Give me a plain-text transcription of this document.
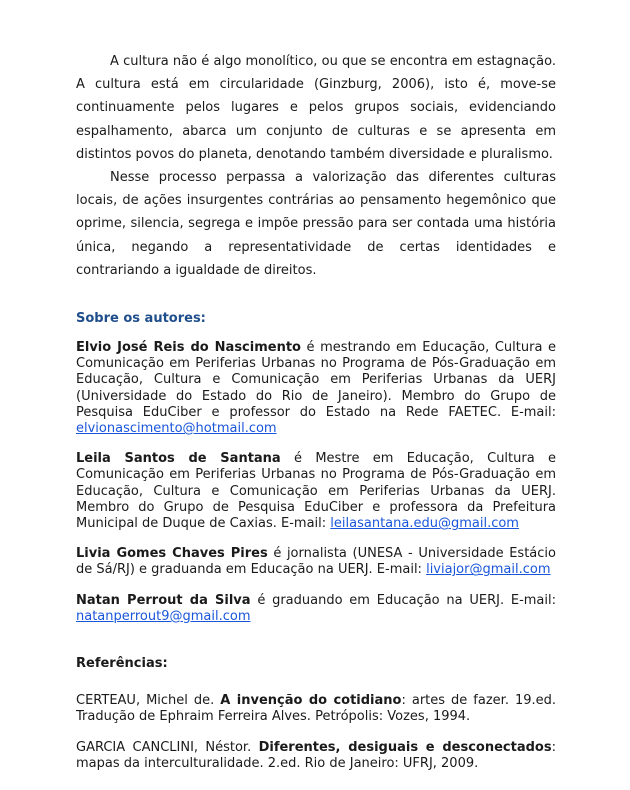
A cultura não é algo monolítico, ou que se encontra em estagnação. A cultura está em circularidade (Ginzburg, 2006), isto é, move-se continuamente pelos lugares e pelos grupos sociais, evidenciando espalhamento, abarca um conjunto de culturas e se apresenta em distintos povos do planeta, denotando também diversidade e pluralismo.

Nesse processo perpassa a valorização das diferentes culturas locais, de ações insurgentes contrárias ao pensamento hegemônico que oprime, silencia, segrega e impõe pressão para ser contada uma história única, negando a representatividade de certas identidades e contrariando a igualdade de direitos.

Sobre os autores:

Elvio José Reis do Nascimento é mestrando em Educação, Cultura e Comunicação em Periferias Urbanas no Programa de Pós-Graduação em Educação, Cultura e Comunicação em Periferias Urbanas da UERJ (Universidade do Estado do Rio de Janeiro). Membro do Grupo de Pesquisa EduCiber e professor do Estado na Rede FAETEC. E-mail: elvionascimento@hotmail.com

Leila Santos de Santana é Mestre em Educação, Cultura e Comunicação em Periferias Urbanas no Programa de Pós-Graduação em Educação, Cultura e Comunicação em Periferias Urbanas da UERJ. Membro do Grupo de Pesquisa EduCiber e professora da Prefeitura Municipal de Duque de Caxias. E-mail: leilasantana.edu@gmail.com

Livia Gomes Chaves Pires é jornalista (UNESA - Universidade Estácio de Sá/RJ) e graduanda em Educação na UERJ. E-mail: liviajor@gmail.com

Natan Perrout da Silva é graduando em Educação na UERJ. E-mail: natanperrout9@gmail.com

Referências:

CERTEAU, Michel de. A invenção do cotidiano: artes de fazer. 19.ed. Tradução de Ephraim Ferreira Alves. Petrópolis: Vozes, 1994.

GARCIA CANCLINI, Néstor. Diferentes, desiguais e desconectados: mapas da interculturalidade. 2.ed. Rio de Janeiro: UFRJ, 2009.
